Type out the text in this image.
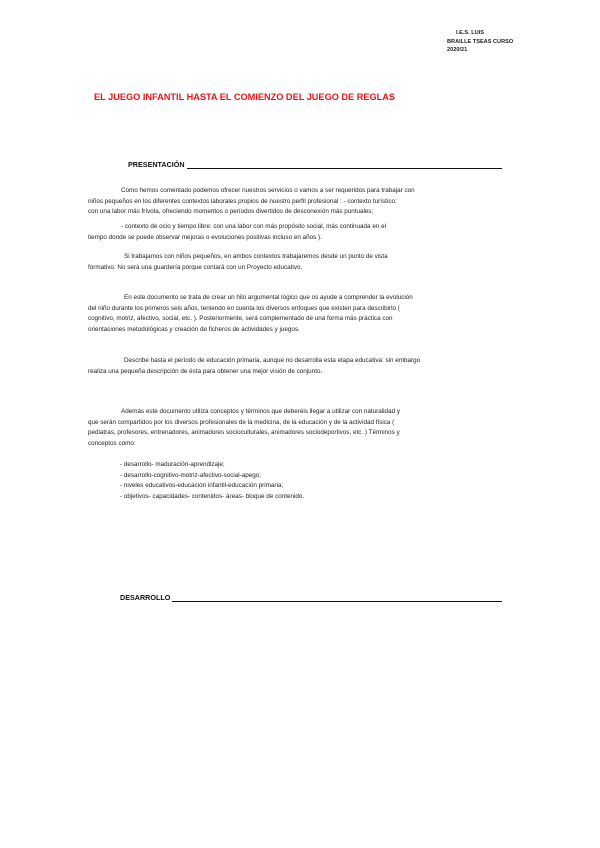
I.E.S. LUIS
BRAILLE TSEAS CURSO
2020/21
EL JUEGO INFANTIL HASTA EL COMIENZO DEL JUEGO DE REGLAS
PRESENTACIÓN
Como hemos comentado podemos ofrecer nuestros servicios o vamos a ser requeridos para trabajar con
niños pequeños en los diferentes contextos laborales propios de nuestro perfil profesional : - contexto turístico:
con una labor más frívola, ofreciendo momentos o períodos divertidos de desconexión más puntuales;
- contexto de ocio y tiempo libre: con una labor con más propósito social, más continuada en el
tiempo donde se puede observar mejoras o evoluciones positivas incluso en años ).
Si trabajamos con niños pequeños, en ambos contextos trabajaremos desde un punto de vista
formativo. No será una guardería porque contará con un Proyecto educativo.
En este documento se trata de crear un hilo argumental lógico que os ayude a comprender la evolución
del niño durante los primeros seis años, teniendo en cuenta los diversos enfoques que existen para describirlo (
cognitivo, motriz, afectivo, social, etc. ). Posteriormente, será complementado de una forma más práctica con
orientaciones metodológicas y creación de ficheros de actividades y juegos.
Describe hasta el período de educación primaria, aunque no desarrolla esta etapa educativa: sin embargo
realiza una pequeña descripción de ésta para obtener una mejor visión de conjunto.
Además este documento utiliza conceptos y términos que deberéis llegar a utilizar con naturalidad y
que serán compartidos por los diversos profesionales de la medicina, de la educación y de la actividad física (
pediatras, profesores, entrenadores, animadores socioculturales, animadores sociodeportivos, etc .) Términos y
conceptos como:
- desarrollo- maduración-aprendizaje;
- desarrollo-cognitivo-motriz-afectivo-social-apego;
- niveles educativos-educación infantil-educación primaria;
- objetivos- capacidades- contenidos- áreas- bloque de contenido.
DESARROLLO
